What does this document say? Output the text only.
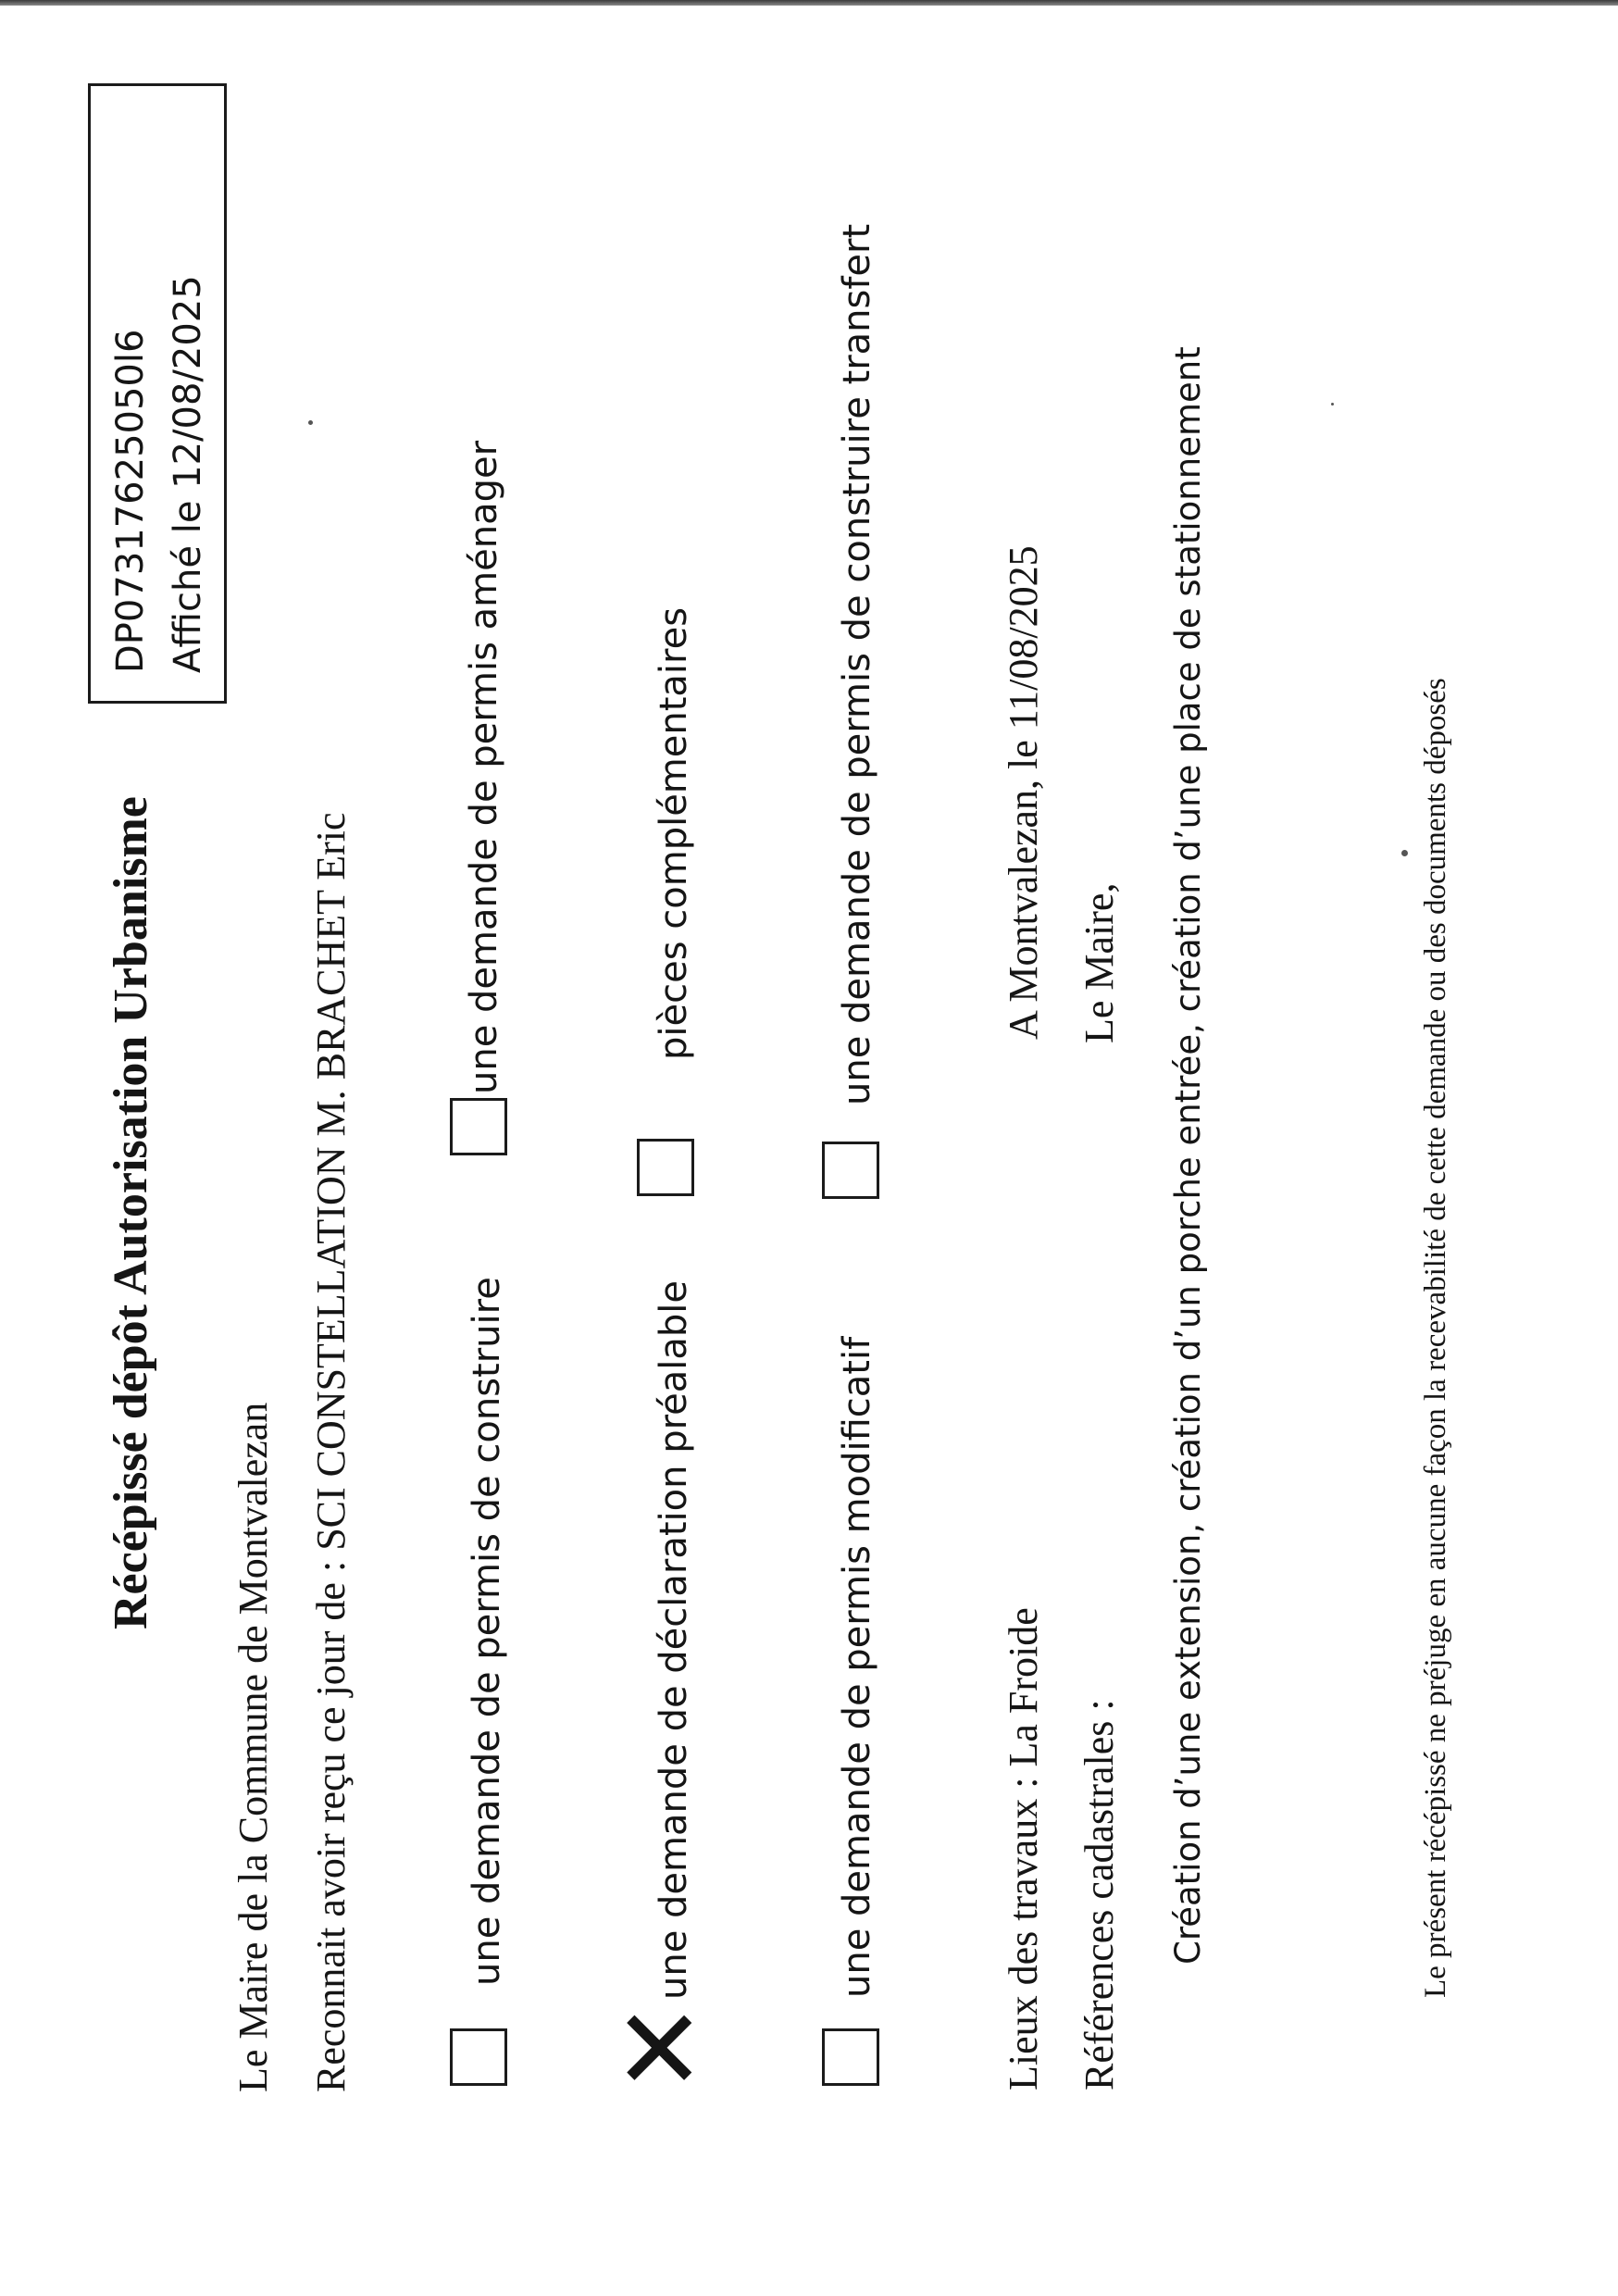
Récépissé dépôt Autorisation Urbanisme
DP07317625050l6 Affiché le 12/08/2025
Le Maire de la Commune de Montvalezan Reconnait avoir reçu ce jour de : SCI CONSTELLATION M. BRACHET Eric	une demande de permis de construire
une demande de permis aménager
✕
une demande de déclaration préalable
pièces complémentaires
une demande de permis modificatif
une demande de permis de construire transfert
Lieux des travaux : La Froide
A Montvalezan, le 11/08/2025
Références cadastrales :
Le Maire, Création d’une extension, création d’un porche entrée, création d’une place de stationnement	Le présent récépissé ne préjuge en aucune façon la recevabilité de cette demande ou des documents déposés
